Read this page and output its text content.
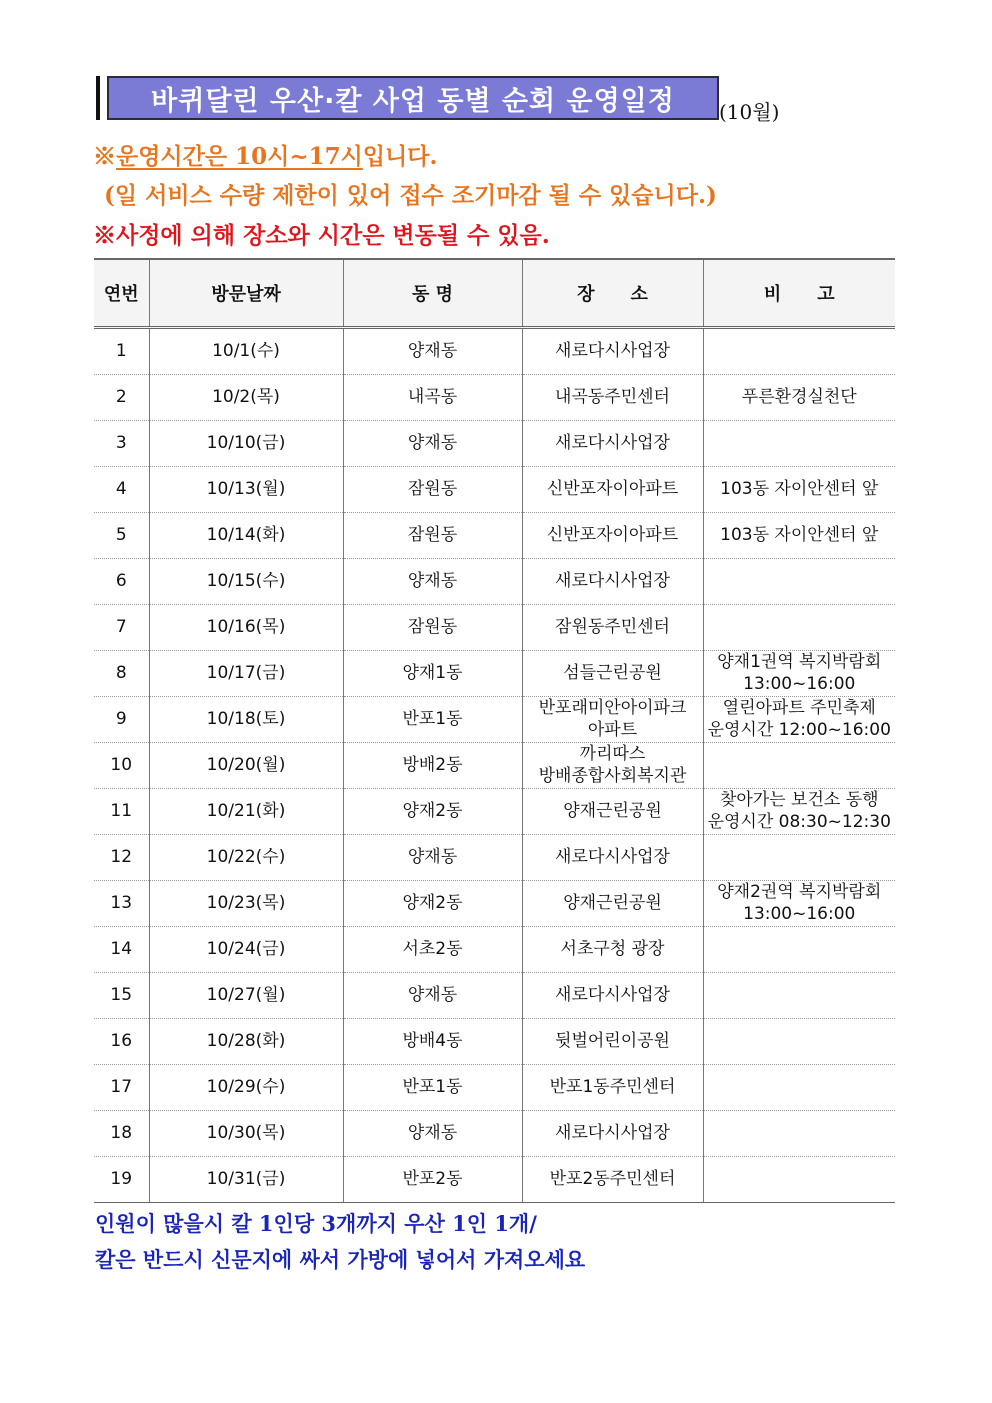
바퀴달린 우산·칼 사업 동별 순회 운영일정 (10월)
※운영시간은 10시~17시입니다.
(일 서비스 수량 제한이 있어 접수 조기마감 될 수 있습니다.)
※사정에 의해 장소와 시간은 변동될 수 있음.
연번	방문날짜	동 명	장　　소	비　　고
1	10/1(수)	양재동	새로다시사업장	
2	10/2(목)	내곡동	내곡동주민센터	푸른환경실천단
3	10/10(금)	양재동	새로다시사업장	
4	10/13(월)	잠원동	신반포자이아파트	103동 자이안센터 앞
5	10/14(화)	잠원동	신반포자이아파트	103동 자이안센터 앞
6	10/15(수)	양재동	새로다시사업장	
7	10/16(목)	잠원동	잠원동주민센터	
8	10/17(금)	양재1동	섬들근린공원	양재1권역 복지박람회
13:00~16:00
9	10/18(토)	반포1동	반포래미안아이파크
아파트	열린아파트 주민축제
운영시간 12:00~16:00
10	10/20(월)	방배2동	까리따스
방배종합사회복지관	
11	10/21(화)	양재2동	양재근린공원	찾아가는 보건소 동행
운영시간 08:30~12:30
12	10/22(수)	양재동	새로다시사업장	
13	10/23(목)	양재2동	양재근린공원	양재2권역 복지박람회
13:00~16:00
14	10/24(금)	서초2동	서초구청 광장	
15	10/27(월)	양재동	새로다시사업장	
16	10/28(화)	방배4동	뒷벌어린이공원	
17	10/29(수)	반포1동	반포1동주민센터	
18	10/30(목)	양재동	새로다시사업장	
19	10/31(금)	반포2동	반포2동주민센터	
인원이 많을시 칼 1인당 3개까지 우산 1인 1개/
칼은 반드시 신문지에 싸서 가방에 넣어서 가져오세요
